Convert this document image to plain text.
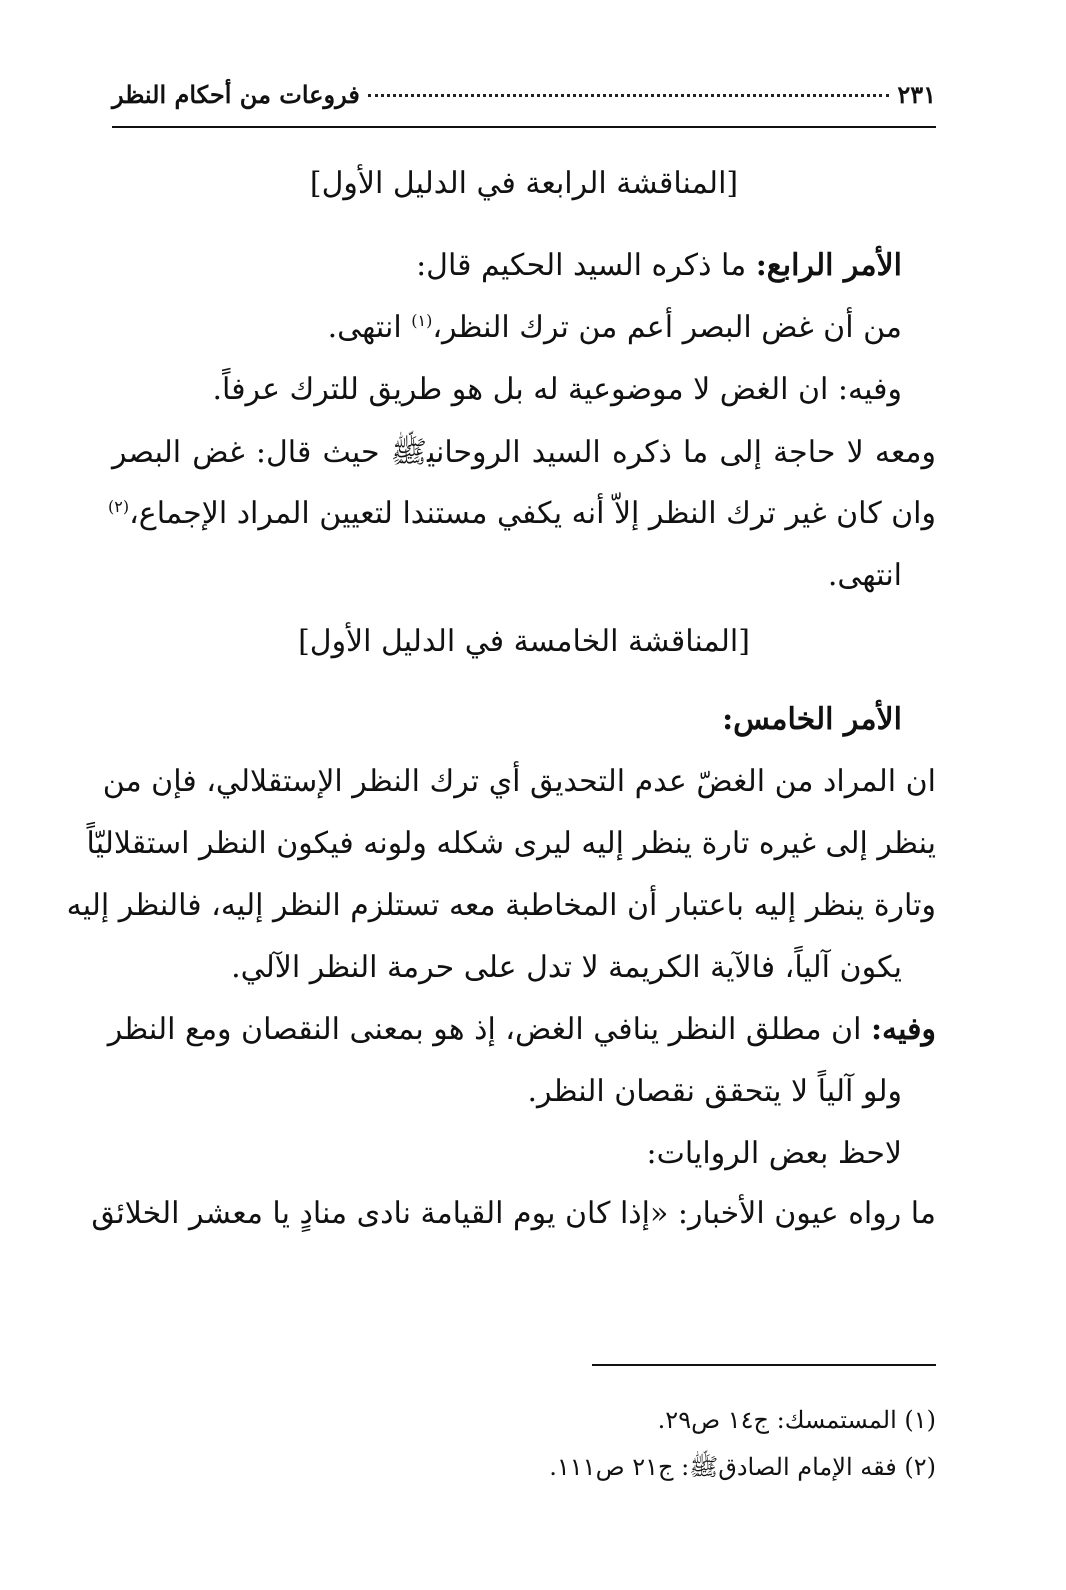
٢٣١
فروعات من أحكام النظر
[المناقشة الرابعة في الدليل الأول]
الأمر الرابع: ما ذكره السيد الحكيم قال:
من أن غض البصر أعم من ترك النظر،$^{(١)}$ انتهى.
وفيه: ان الغض لا موضوعية له بل هو طريق للترك عرفاً.
ومعه لا حاجة إلى ما ذكره السيد الروحاني‍ﷺ حيث قال: غض البصر
وان كان غير ترك النظر إلاّ أنه يكفي مستندا لتعيين المراد الإجماع،$^{(٢)}$
انتهى.
[المناقشة الخامسة في الدليل الأول]
الأمر الخامس:
ان المراد من الغضّ عدم التحديق أي ترك النظر الإستقلالي، فإن من
ينظر إلى غيره تارة ينظر إليه ليرى شكله ولونه فيكون النظر استقلاليّاً
وتارة ينظر إليه باعتبار أن المخاطبة معه تستلزم النظر إليه، فالنظر إليه
يكون آلياً، فالآية الكريمة لا تدل على حرمة النظر الآلي.
وفيه: ان مطلق النظر ينافي الغض، إذ هو بمعنى النقصان ومع النظر
ولو آلياً لا يتحقق نقصان النظر.
لاحظ بعض الروايات:
ما رواه عيون الأخبار: «إذا كان يوم القيامة نادى منادٍ يا معشر الخلائق
(١) المستمسك: ج١٤ ص٢٩.
(٢) فقه الإمام الصادقﷺ: ج٢١ ص١١١.
